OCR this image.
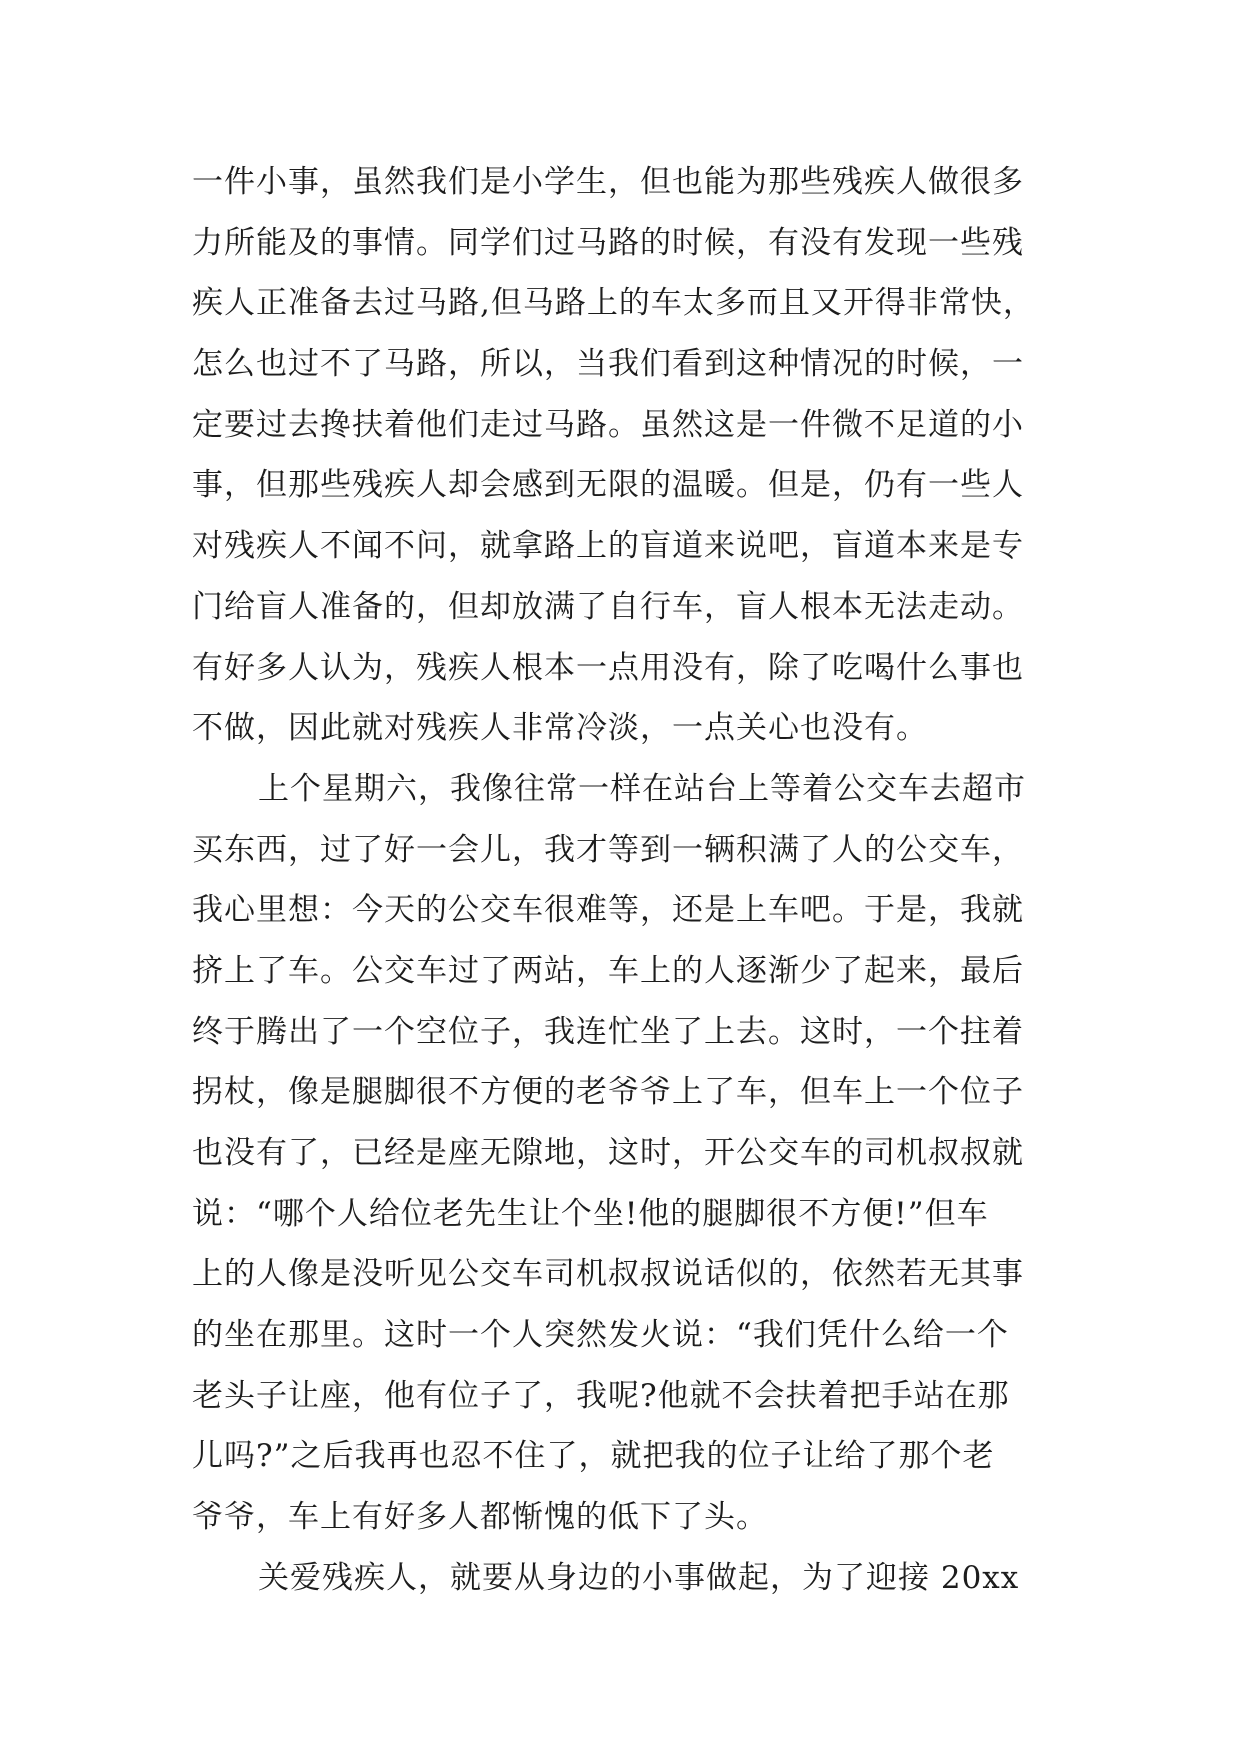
一件小事，虽然我们是小学生，但也能为那些残疾人做很多
力所能及的事情。同学们过马路的时候，有没有发现一些残
疾人正准备去过马路,但马路上的车太多而且又开得非常快，
怎么也过不了马路，所以，当我们看到这种情况的时候，一
定要过去搀扶着他们走过马路。虽然这是一件微不足道的小
事，但那些残疾人却会感到无限的温暖。但是，仍有一些人
对残疾人不闻不问，就拿路上的盲道来说吧，盲道本来是专
门给盲人准备的，但却放满了自行车，盲人根本无法走动。
有好多人认为，残疾人根本一点用没有，除了吃喝什么事也
不做，因此就对残疾人非常冷淡，一点关心也没有。
上个星期六，我像往常一样在站台上等着公交车去超市
买东西，过了好一会儿，我才等到一辆积满了人的公交车，
我心里想：今天的公交车很难等，还是上车吧。于是，我就
挤上了车。公交车过了两站，车上的人逐渐少了起来，最后
终于腾出了一个空位子，我连忙坐了上去。这时，一个拄着
拐杖，像是腿脚很不方便的老爷爷上了车，但车上一个位子
也没有了，已经是座无隙地，这时，开公交车的司机叔叔就
说：“哪个人给位老先生让个坐!他的腿脚很不方便!”但车
上的人像是没听见公交车司机叔叔说话似的，依然若无其事
的坐在那里。这时一个人突然发火说：“我们凭什么给一个
老头子让座，他有位子了，我呢?他就不会扶着把手站在那
儿吗?”之后我再也忍不住了，就把我的位子让给了那个老
爷爷，车上有好多人都惭愧的低下了头。
关爱残疾人，就要从身边的小事做起，为了迎接 20xx
